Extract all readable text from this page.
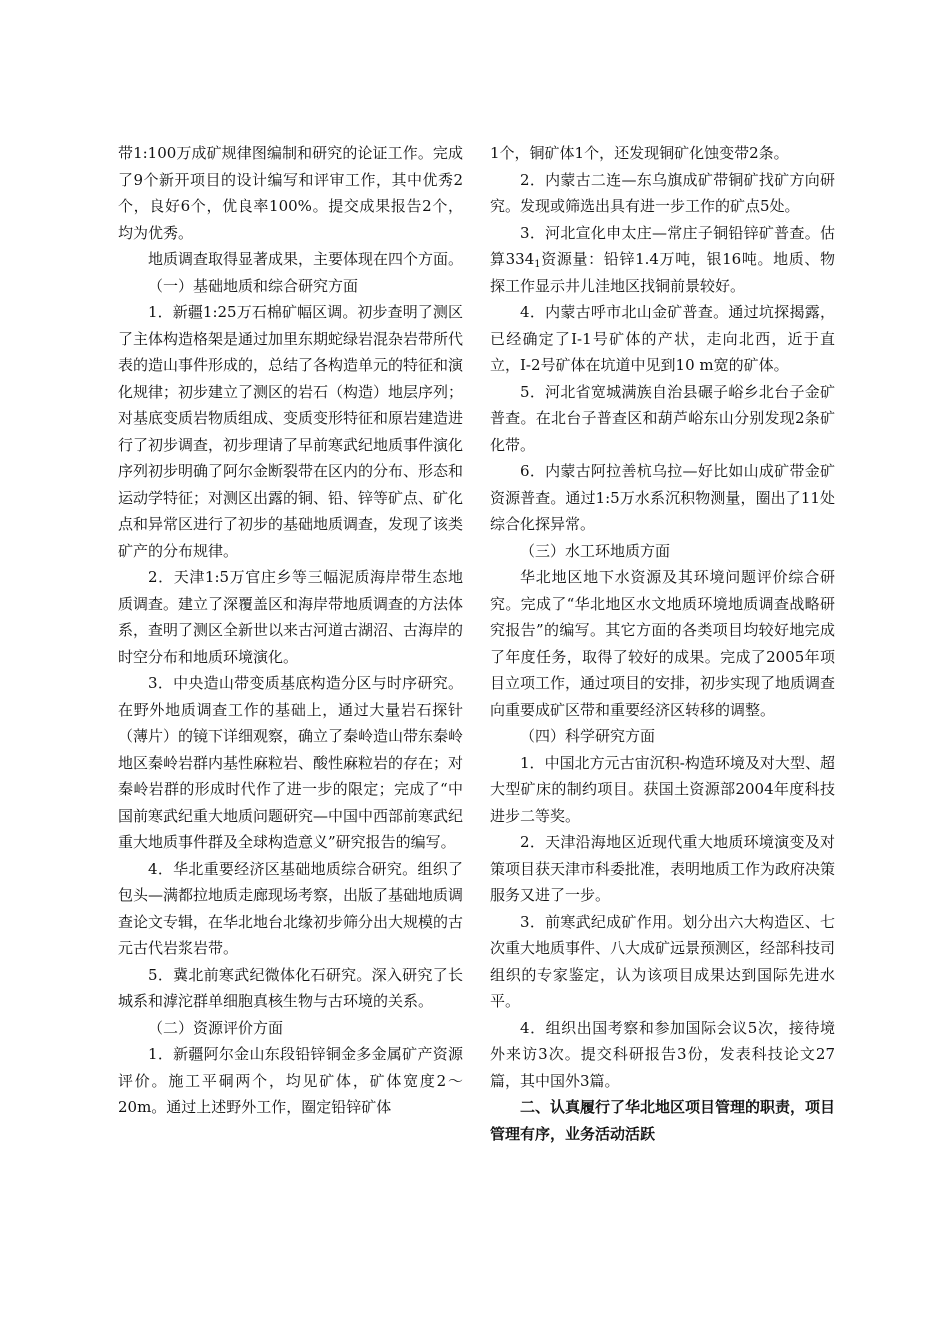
带1:100万成矿规律图编制和研究的论证工作。完成了9个新开项目的设计编写和评审工作，其中优秀2个，良好6个，优良率100%。提交成果报告2个，均为优秀。

地质调查取得显著成果，主要体现在四个方面。

（一）基础地质和综合研究方面

1．新疆1:25万石棉矿幅区调。初步查明了测区了主体构造格架是通过加里东期蛇绿岩混杂岩带所代表的造山事件形成的，总结了各构造单元的特征和演化规律；初步建立了测区的岩石（构造）地层序列；对基底变质岩物质组成、变质变形特征和原岩建造进行了初步调查，初步理请了早前寒武纪地质事件演化序列初步明确了阿尔金断裂带在区内的分布、形态和运动学特征；对测区出露的铜、铅、锌等矿点、矿化点和异常区进行了初步的基础地质调查，发现了该类矿产的分布规律。

2．天津1:5万官庄乡等三幅泥质海岸带生态地质调查。建立了深覆盖区和海岸带地质调查的方法体系，查明了测区全新世以来古河道古湖沼、古海岸的时空分布和地质环境演化。

3．中央造山带变质基底构造分区与时序研究。在野外地质调查工作的基础上，通过大量岩石探针（薄片）的镜下详细观察，确立了秦岭造山带东秦岭地区秦岭岩群内基性麻粒岩、酸性麻粒岩的存在；对秦岭岩群的形成时代作了进一步的限定；完成了“中国前寒武纪重大地质问题研究—中国中西部前寒武纪重大地质事件群及全球构造意义”研究报告的编写。

4．华北重要经济区基础地质综合研究。组织了包头—满都拉地质走廊现场考察，出版了基础地质调查论文专辑，在华北地台北缘初步筛分出大规模的古元古代岩浆岩带。

5．冀北前寒武纪微体化石研究。深入研究了长城系和滹沱群单细胞真核生物与古环境的关系。

（二）资源评价方面

1．新疆阿尔金山东段铅锌铜金多金属矿产资源评价。施工平硐两个，均见矿体，矿体宽度2～20m。通过上述野外工作，圈定铅锌矿体

1个，铜矿体1个，还发现铜矿化蚀变带2条。

2．内蒙古二连—东乌旗成矿带铜矿找矿方向研究。发现或筛选出具有进一步工作的矿点5处。

3．河北宣化申太庄—常庄子铜铅锌矿普查。估算$334_1$资源量：铅锌1.4万吨，银16吨。地质、物探工作显示井儿洼地区找铜前景较好。

4．内蒙古呼市北山金矿普查。通过坑探揭露，已经确定了I-1号矿体的产状，走向北西，近于直立，I-2号矿体在坑道中见到10 m宽的矿体。

5．河北省宽城满族自治县碾子峪乡北台子金矿普查。在北台子普查区和葫芦峪东山分别发现2条矿化带。

6．内蒙古阿拉善杭乌拉—好比如山成矿带金矿资源普查。通过1:5万水系沉积物测量，圈出了11处综合化探异常。

（三）水工环地质方面

华北地区地下水资源及其环境问题评价综合研究。完成了“华北地区水文地质环境地质调查战略研究报告”的编写。其它方面的各类项目均较好地完成了年度任务，取得了较好的成果。完成了2005年项目立项工作，通过项目的安排，初步实现了地质调查向重要成矿区带和重要经济区转移的调整。

（四）科学研究方面

1．中国北方元古宙沉积-构造环境及对大型、超大型矿床的制约项目。获国土资源部2004年度科技进步二等奖。

2．天津沿海地区近现代重大地质环境演变及对策项目获天津市科委批准，表明地质工作为政府决策服务又进了一步。

3．前寒武纪成矿作用。划分出六大构造区、七次重大地质事件、八大成矿远景预测区，经部科技司组织的专家鉴定，认为该项目成果达到国际先进水平。

4．组织出国考察和参加国际会议5次，接待境外来访3次。提交科研报告3份，发表科技论文27篇，其中国外3篇。

二、认真履行了华北地区项目管理的职责，项目管理有序，业务活动活跃
